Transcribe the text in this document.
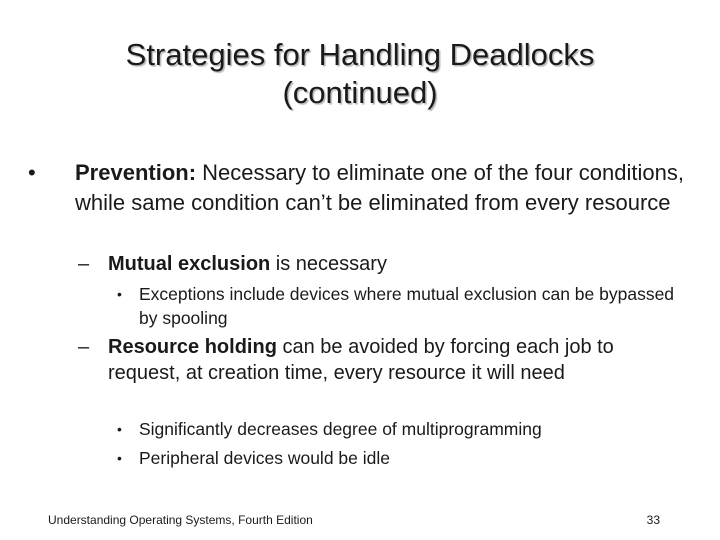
Strategies for Handling Deadlocks
(continued)

• Prevention: Necessary to eliminate one of the four conditions, while same condition can’t be eliminated from every resource

– Mutual exclusion is necessary

• Exceptions include devices where mutual exclusion can be bypassed by spooling

– Resource holding can be avoided by forcing each job to request, at creation time, every resource it will need

• Significantly decreases degree of multiprogramming

• Peripheral devices would be idle

Understanding Operating Systems, Fourth Edition	33
